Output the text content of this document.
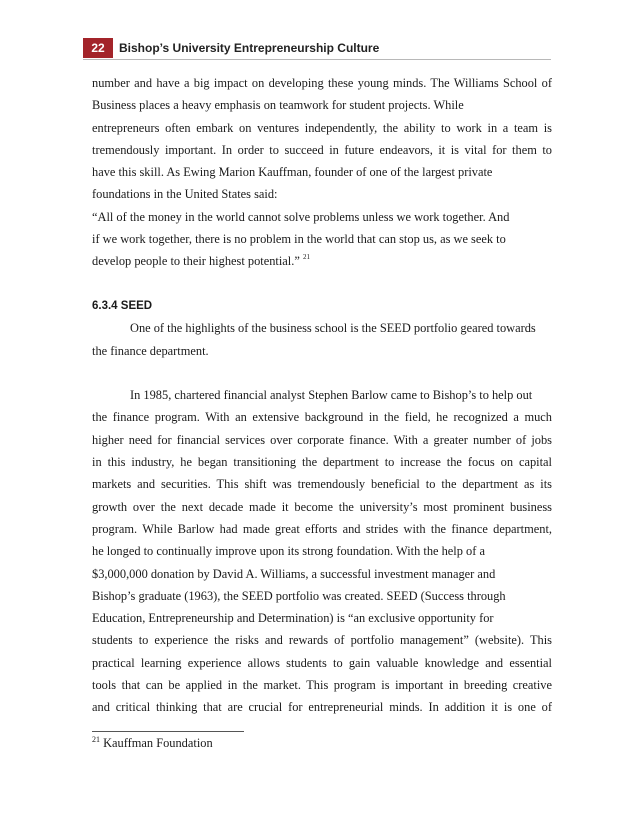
22	Bishop’s University Entrepreneurship Culture
number and have a big impact on developing these young minds. The Williams School of
Business places a heavy emphasis on teamwork for student projects. While
entrepreneurs often embark on ventures independently, the ability to work in a team is
tremendously important. In order to succeed in future endeavors, it is vital for them to
have this skill. As Ewing Marion Kauffman, founder of one of the largest private
foundations in the United States said:
“All of the money in the world cannot solve problems unless we work together. And
if we work together, there is no problem in the world that can stop us, as we seek to
develop people to their highest potential.” $^{21}$
6.3.4 SEED
One of the highlights of the business school is the SEED portfolio geared towards
the finance department.
In 1985, chartered financial analyst Stephen Barlow came to Bishop’s to help out
the finance program. With an extensive background in the field, he recognized a much
higher need for financial services over corporate finance. With a greater number of jobs
in this industry, he began transitioning the department to increase the focus on capital
markets and securities. This shift was tremendously beneficial to the department as its
growth over the next decade made it become the university’s most prominent business
program. While Barlow had made great efforts and strides with the finance department,
he longed to continually improve upon its strong foundation. With the help of a
$3,000,000 donation by David A. Williams, a successful investment manager and
Bishop’s graduate (1963), the SEED portfolio was created. SEED (Success through
Education, Entrepreneurship and Determination) is “an exclusive opportunity for
students to experience the risks and rewards of portfolio management” (website). This
practical learning experience allows students to gain valuable knowledge and essential
tools that can be applied in the market. This program is important in breeding creative
and critical thinking that are crucial for entrepreneurial minds. In addition it is one of
$^{21}$ Kauffman Foundation
